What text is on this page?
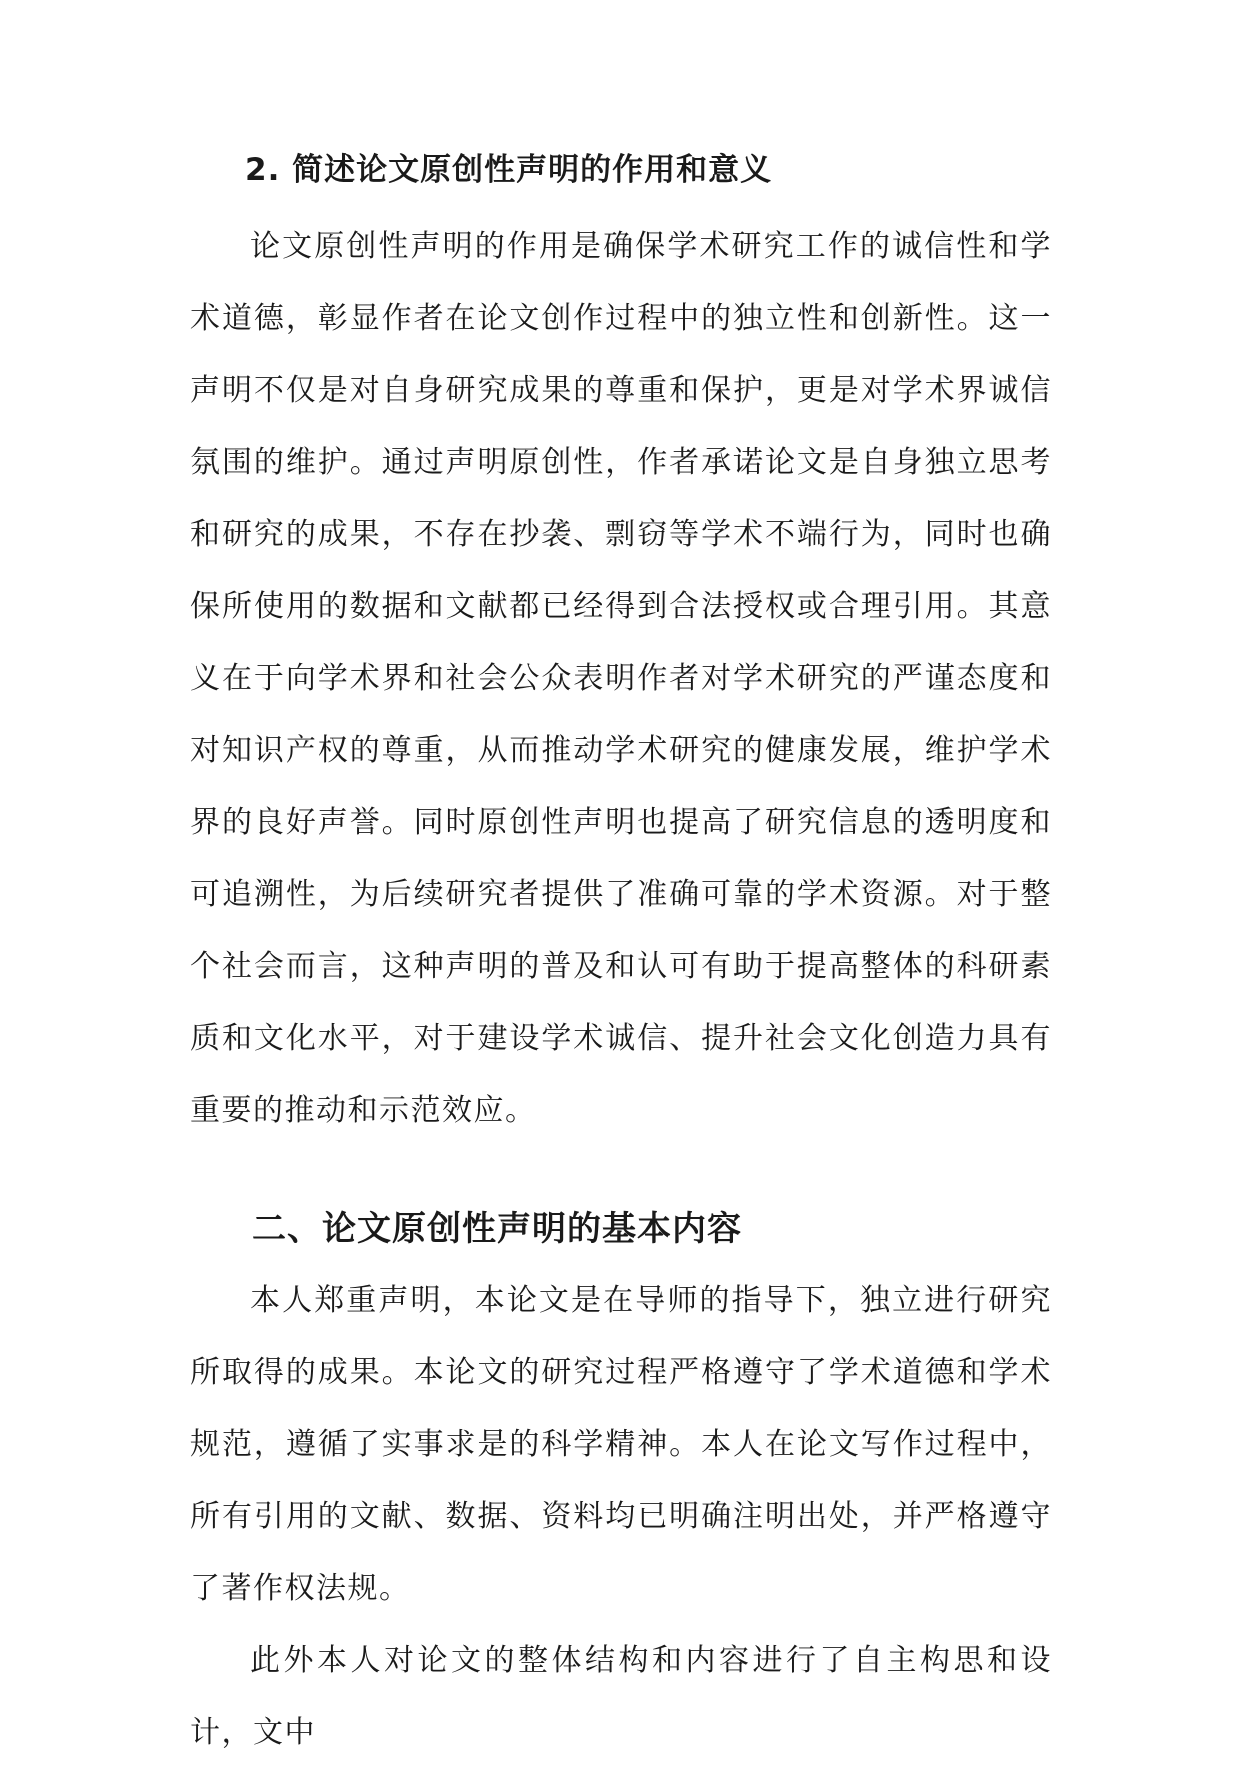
2. 简述论文原创性声明的作用和意义

论文原创性声明的作用是确保学术研究工作的诚信性和学术道德，彰显作者在论文创作过程中的独立性和创新性。这一声明不仅是对自身研究成果的尊重和保护，更是对学术界诚信氛围的维护。通过声明原创性，作者承诺论文是自身独立思考和研究的成果，不存在抄袭、剽窃等学术不端行为，同时也确保所使用的数据和文献都已经得到合法授权或合理引用。其意义在于向学术界和社会公众表明作者对学术研究的严谨态度和对知识产权的尊重，从而推动学术研究的健康发展，维护学术界的良好声誉。同时原创性声明也提高了研究信息的透明度和可追溯性，为后续研究者提供了准确可靠的学术资源。对于整个社会而言，这种声明的普及和认可有助于提高整体的科研素质和文化水平，对于建设学术诚信、提升社会文化创造力具有重要的推动和示范效应。

二、论文原创性声明的基本内容

本人郑重声明，本论文是在导师的指导下，独立进行研究所取得的成果。本论文的研究过程严格遵守了学术道德和学术规范，遵循了实事求是的科学精神。本人在论文写作过程中，所有引用的文献、数据、资料均已明确注明出处，并严格遵守了著作权法规。

此外本人对论文的整体结构和内容进行了自主构思和设计，文中
